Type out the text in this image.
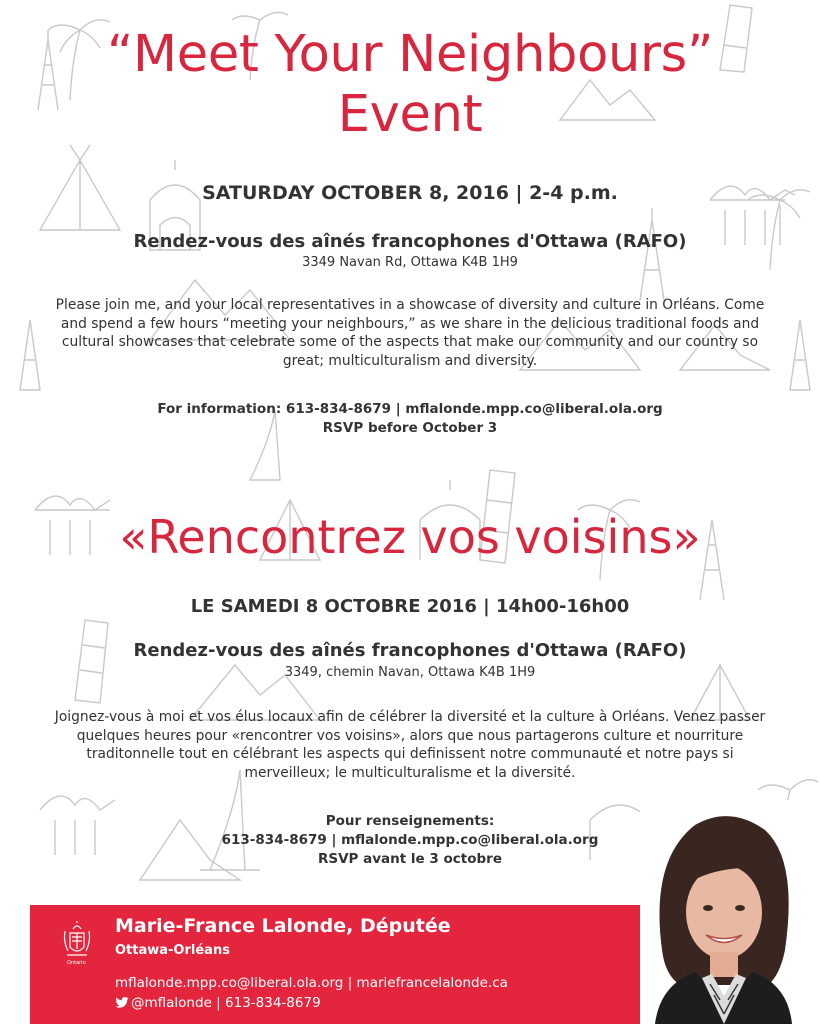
“Meet Your Neighbours”
Event
SATURDAY OCTOBER 8, 2016 | 2-4 p.m.
Rendez-vous des aînés francophones d'Ottawa (RAFO)
3349 Navan Rd, Ottawa K4B 1H9
Please join me, and your local representatives in a showcase of diversity and culture in Orléans. Come and spend a few hours “meeting your neighbours,” as we share in the delicious traditional foods and cultural showcases that celebrate some of the aspects that make our community and our country so great; multiculturalism and diversity.
For information: 613-834-8679 | mflalonde.mpp.co@liberal.ola.org
RSVP before October 3
«Rencontrez vos voisins»
LE SAMEDI 8 OCTOBRE 2016 | 14h00-16h00
Rendez-vous des aînés francophones d'Ottawa (RAFO)
3349, chemin Navan, Ottawa K4B 1H9
Joignez-vous à moi et vos élus locaux afin de célébrer la diversité et la culture à Orléans. Venez passer quelques heures pour «rencontrer vos voisins», alors que nous partagerons culture et nourriture traditonnelle tout en célébrant les aspects qui definissent notre communauté et notre pays si merveilleux; le multiculturalisme et la diversité.
Pour renseignements:
613-834-8679 | mflalonde.mpp.co@liberal.ola.org
RSVP avant le 3 octobre
Ontario
Marie-France Lalonde, Députée
Ottawa-Orléans
mflalonde.mpp.co@liberal.ola.org | mariefrancelalonde.ca
@mflalonde | 613-834-8679
